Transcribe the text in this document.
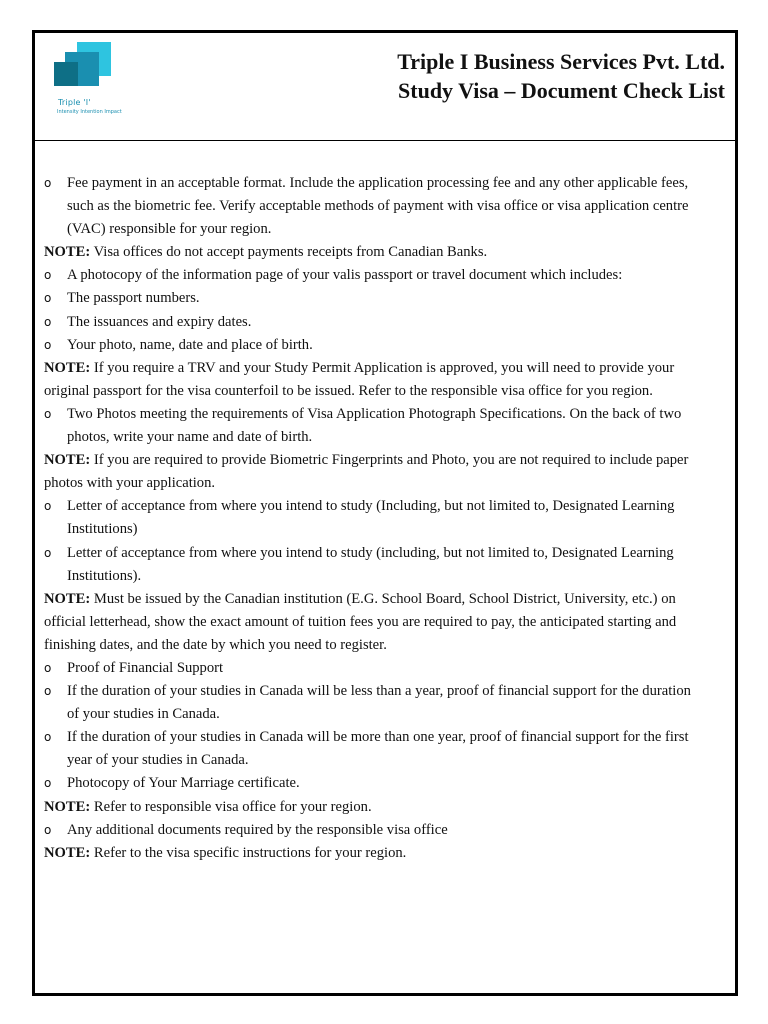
Triple 'I'
Intensity Intention Impact
Triple I Business Services Pvt. Ltd.
Study Visa – Document Check List
o Fee payment in an acceptable format. Include the application processing fee and any other applicable fees, such as the biometric fee. Verify acceptable methods of payment with visa office or visa application centre (VAC) responsible for your region.
NOTE: Visa offices do not accept payments receipts from Canadian Banks.
o A photocopy of the information page of your valis passport or travel document which includes:
o The passport numbers.
o The issuances and expiry dates.
o Your photo, name, date and place of birth.
NOTE: If you require a TRV and your Study Permit Application is approved, you will need to provide your original passport for the visa counterfoil to be issued. Refer to the responsible visa office for you region.
o Two Photos meeting the requirements of Visa Application Photograph Specifications. On the back of two photos, write your name and date of birth.
NOTE: If you are required to provide Biometric Fingerprints and Photo, you are not required to include paper photos with your application.
o Letter of acceptance from where you intend to study (Including, but not limited to, Designated Learning Institutions)
o Letter of acceptance from where you intend to study (including, but not limited to, Designated Learning Institutions).
NOTE: Must be issued by the Canadian institution (E.G. School Board, School District, University, etc.) on official letterhead, show the exact amount of tuition fees you are required to pay, the anticipated starting and finishing dates, and the date by which you need to register.
o Proof of Financial Support
o If the duration of your studies in Canada will be less than a year, proof of financial support for the duration of your studies in Canada.
o If the duration of your studies in Canada will be more than one year, proof of financial support for the first year of your studies in Canada.
o Photocopy of Your Marriage certificate.
NOTE: Refer to responsible visa office for your region.
o Any additional documents required by the responsible visa office
NOTE: Refer to the visa specific instructions for your region.
